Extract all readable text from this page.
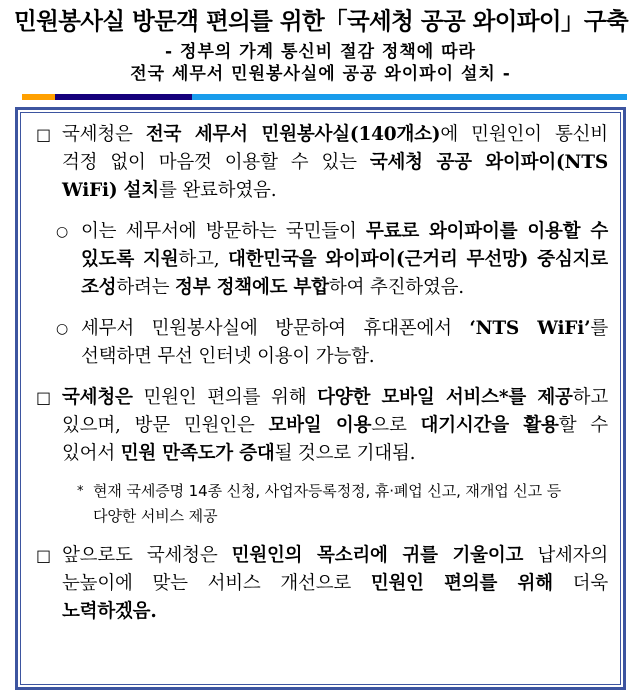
민원봉사실 방문객 편의를 위한「국세청 공공 와이파이」구축
- 정부의 가계 통신비 절감 정책에 따라
전국 세무서 민원봉사실에 공공 와이파이 설치 -
□ 국세청은 전국 세무서 민원봉사실(140개소)에 민원인이 통신비 걱정 없이 마음껏 이용할 수 있는 국세청 공공 와이파이(NTS WiFi) 설치를 완료하였음.
○ 이는 세무서에 방문하는 국민들이 무료로 와이파이를 이용할 수 있도록 지원하고, 대한민국을 와이파이(근거리 무선망) 중심지로 조성하려는 정부 정책에도 부합하여 추진하였음.
○ 세무서 민원봉사실에 방문하여 휴대폰에서 ‘NTS WiFi’를 선택하면 무선 인터넷 이용이 가능함.
□ 국세청은 민원인 편의를 위해 다양한 모바일 서비스*를 제공하고 있으며, 방문 민원인은 모바일 이용으로 대기시간을 활용할 수 있어서 민원 만족도가 증대될 것으로 기대됨.
* 현재 국세증명 14종 신청, 사업자등록정정, 휴·폐업 신고, 재개업 신고 등 다양한 서비스 제공
□ 앞으로도 국세청은 민원인의 목소리에 귀를 기울이고 납세자의 눈높이에 맞는 서비스 개선으로 민원인 편의를 위해 더욱 노력하겠음.
